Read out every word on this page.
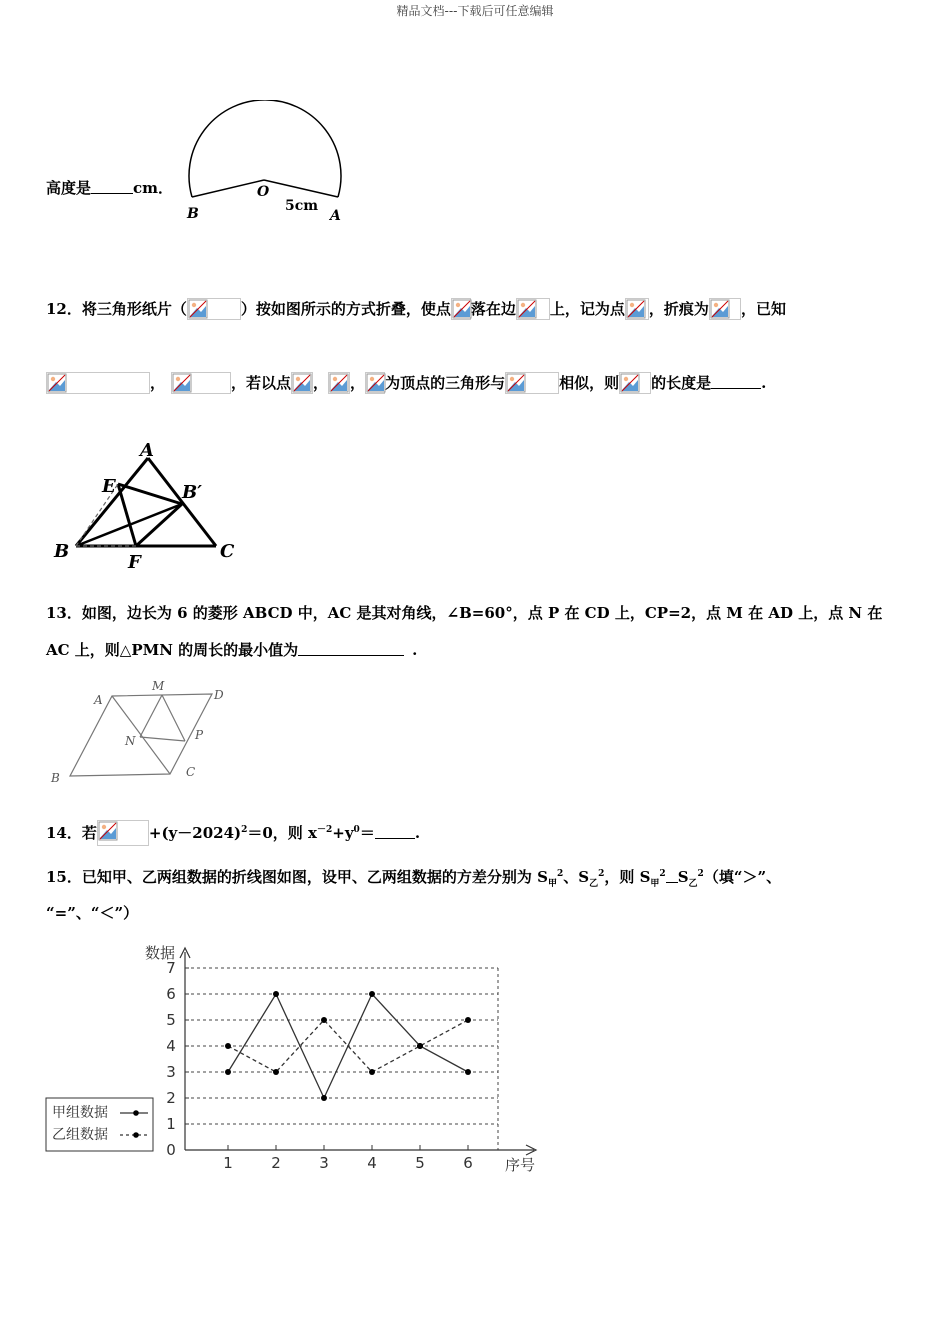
精品文档---下载后可任意编辑
高度是	cm．	O
B	A
5cm
12．将三角形纸片（	）按如图所示的方式折叠，使点 落在边 上，记为点 ，折痕为 ，已知
，	，若以点 ， ， 为顶点的三角形与	相似，则 的长度是	.
A
E	B′
B
F
C
13．如图，边长为 6 的菱形 ABCD 中，AC 是其对角线，∠B=60°，点 P 在 CD 上，CP=2，点 M 在 AD 上，点 N 在
AC 上，则△PMN 的周长的最小值为	.
A
M
D
N	P
B	C
14．若	$+(y-2024)^2=0$，则 $x^{-2}+y^0=$	.
15．已知甲、乙两组数据的折线图如图，设甲、乙两组数据的方差分别为 $S_甲^2$、$S_乙^2$，则 $S_甲^2$ $S_乙^2$（填“＞”、
“=”、“＜”）
数据
序号
0
1
2
3
4
5
6
7
1	2	3	4	5	6
甲组数据
乙组数据
